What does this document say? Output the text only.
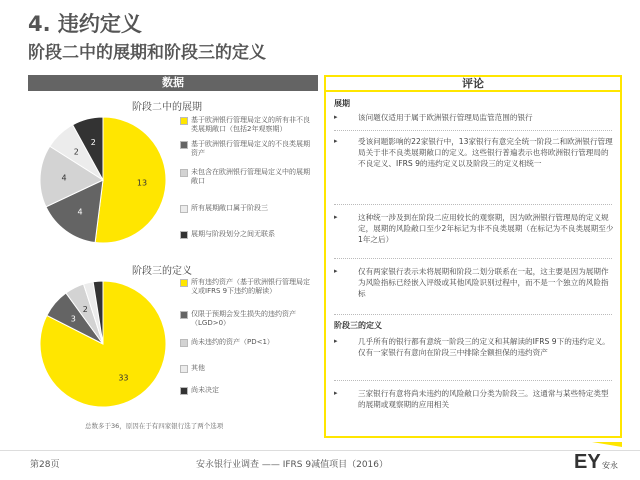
4. 违约定义
阶段二中的展期和阶段三的定义
数据	评论
阶段二中的展期
13
4
4
2
2
基于欧洲银行管理局定义的所有非不良类展期敞口（包括2年观察期）
基于欧洲银行管理局定义的不良类展期资产
未包含在欧洲银行管理局定义中的展期敞口
所有展期敞口属于阶段三
展期与阶段划分之间无联系
阶段三的定义
33
3
2
所有违约资产（基于欧洲银行管理局定义或IFRS 9下违约的解读）
仅限于预期会发生损失的违约资产（LGD>0）
尚未违约的资产（PD<1）
其他
尚未决定
总数多于36，原因在于有四家银行选了两个选项
展期
▸	该问题仅适用于属于欧洲银行管理局监管范围的银行
▸	受该问题影响的22家银行中，13家银行有意完全统一阶段二和欧洲银行管理局关于非不良类展期敞口的定义。这些银行普遍表示也将欧洲银行管理局的不良定义、IFRS 9的违约定义以及阶段三的定义相统一
▸	这种统一涉及到在阶段二应用较长的观察期，因为欧洲银行管理局的定义规定，展期的风险敞口至少2年标记为非不良类展期（在标记为不良类展期至少1年之后）
▸	仅有两家银行表示未将展期和阶段二划分联系在一起，这主要是因为展期作为风险指标已经嵌入评级或其他风险识别过程中，而不是一个独立的风险指标
阶段三的定义
▸	几乎所有的银行都有意统一阶段三的定义和其解读的IFRS 9下的违约定义。仅有一家银行有意向在阶段三中排除全额担保的违约资产
▸	三家银行有意将尚未违约的风险敞口分类为阶段三。这通常与某些特定类型的展期或观察期的应用相关
第28页	安永银行业调查 —— IFRS 9减值项目（2016）	EY 安永
